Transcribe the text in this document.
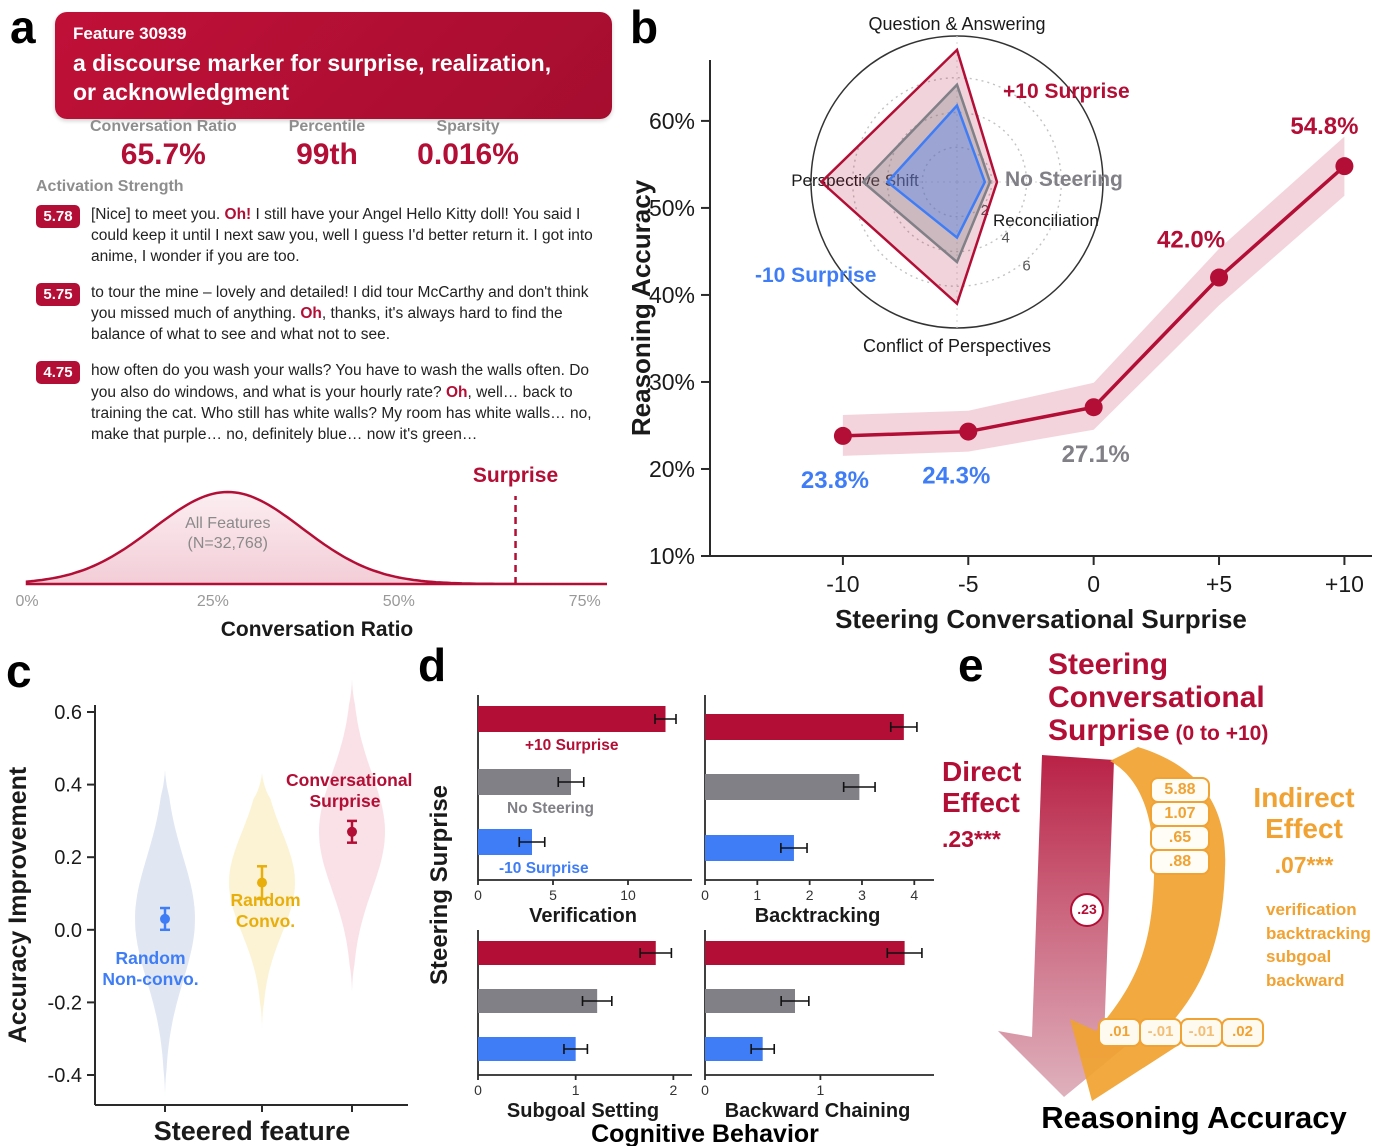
a Feature 30939
a discourse marker for surprise, realization,
or acknowledgment
Conversation Ratio
65.7%
Percentile
99th
Sparsity
0.016%
Activation Strength
5.78	[Nice] to meet you. Oh! I still have your Angel Hello Kitty doll! You said I could keep it until I next saw you, well I guess I'd better return it. I got into anime, I wonder if you are too.

5.75	to tour the mine – lovely and detailed! I did tour McCarthy and don't think you missed much of anything. Oh, thanks, it's always hard to find the balance of what to see and what not to see.

4.75	how often do you wash your walls? You have to wash the walls often. Do you also do windows, and what is your hourly rate? Oh, well… back to training the cat. Who still has white walls? My room has white walls… no, make that purple… no, definitely blue… now it's green…

All Features
(N=32,768)
Surprise
0%	25%	50%	75%
Conversation Ratio
10%
20%
30%
40%
50%
60%
-10	-5	0	+5	+10
23.8% 24.3%
27.1%
42.0%
54.8%
Reasoning Accuracy
Steering Conversational Surprise
2
4
6
Perspective Shift
Question & Answering
Conflict of Perspectives
Reconciliation
+10 Surprise
No Steering
-10 Surprise
b
c
-0.4
-0.2
0.0
0.2
0.4
0.6
Accuracy Improvement
Steered feature
Random
Non-convo.
Random
Convo.
Conversational
Surprise
d
0	5	10
+10 Surprise
No Steering
-10 Surprise
Verification
0	1	2	3	4
Backtracking
0	1	2
Subgoal Setting
0	1
Backward Chaining
Steering Surprise
Cognitive Behavior
e Steering
Conversational
Surprise (0 to +10)
Direct
Effect
.23***
.23
5.88
1.07
.65
.88
Indirect
Effect
.07***
verification
backtracking
subgoal
backward
.01	-.01	-.01	.02
Reasoning Accuracy
